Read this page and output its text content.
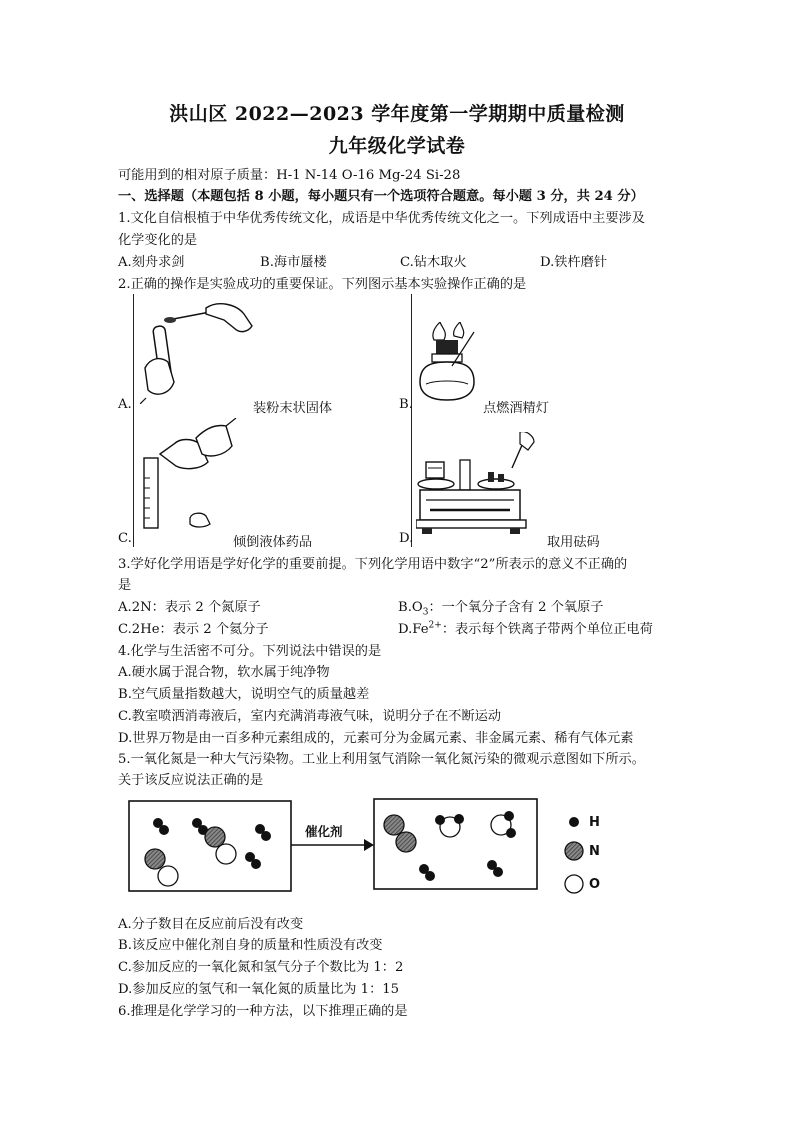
洪山区 2022—2023 学年度第一学期期中质量检测
九年级化学试卷
可能用到的相对原子质量：H-1 N-14 O-16 Mg-24 Si-28
一、选择题（本题包括 8 小题，每小题只有一个选项符合题意。每小题 3 分，共 24 分）
1.文化自信根植于中华优秀传统文化，成语是中华优秀传统文化之一。下列成语中主要涉及
化学变化的是
A.刻舟求剑	B.海市蜃楼	C.钻木取火	D.铁杵磨针
2.正确的操作是实验成功的重要保证。下列图示基本实验操作正确的是
A.	装粉末状固体	B.	点燃酒精灯
C.	倾倒液体药品	D.	取用砝码
3.学好化学用语是学好化学的重要前提。下列化学用语中数字“2”所表示的意义不正确的
是
A.2N：表示 2 个氮原子	$B.O_3$：一个氧分子含有 2 个氧原子
C.2He：表示 2 个氦分子	$D.Fe^{2+}$：表示每个铁离子带两个单位正电荷
4.化学与生活密不可分。下列说法中错误的是
A.硬水属于混合物，软水属于纯净物
B.空气质量指数越大，说明空气的质量越差
C.教室喷洒消毒液后，室内充满消毒液气味，说明分子在不断运动
D.世界万物是由一百多种元素组成的，元素可分为金属元素、非金属元素、稀有气体元素
5.一氧化氮是一种大气污染物。工业上利用氢气消除一氧化氮污染的微观示意图如下所示。
关于该反应说法正确的是
催化剂
H
N
O
A.分子数目在反应前后没有改变
B.该反应中催化剂自身的质量和性质没有改变
C.参加反应的一氧化氮和氢气分子个数比为 1：2
D.参加反应的氢气和一氧化氮的质量比为 1：15
6.推理是化学学习的一种方法，以下推理正确的是
